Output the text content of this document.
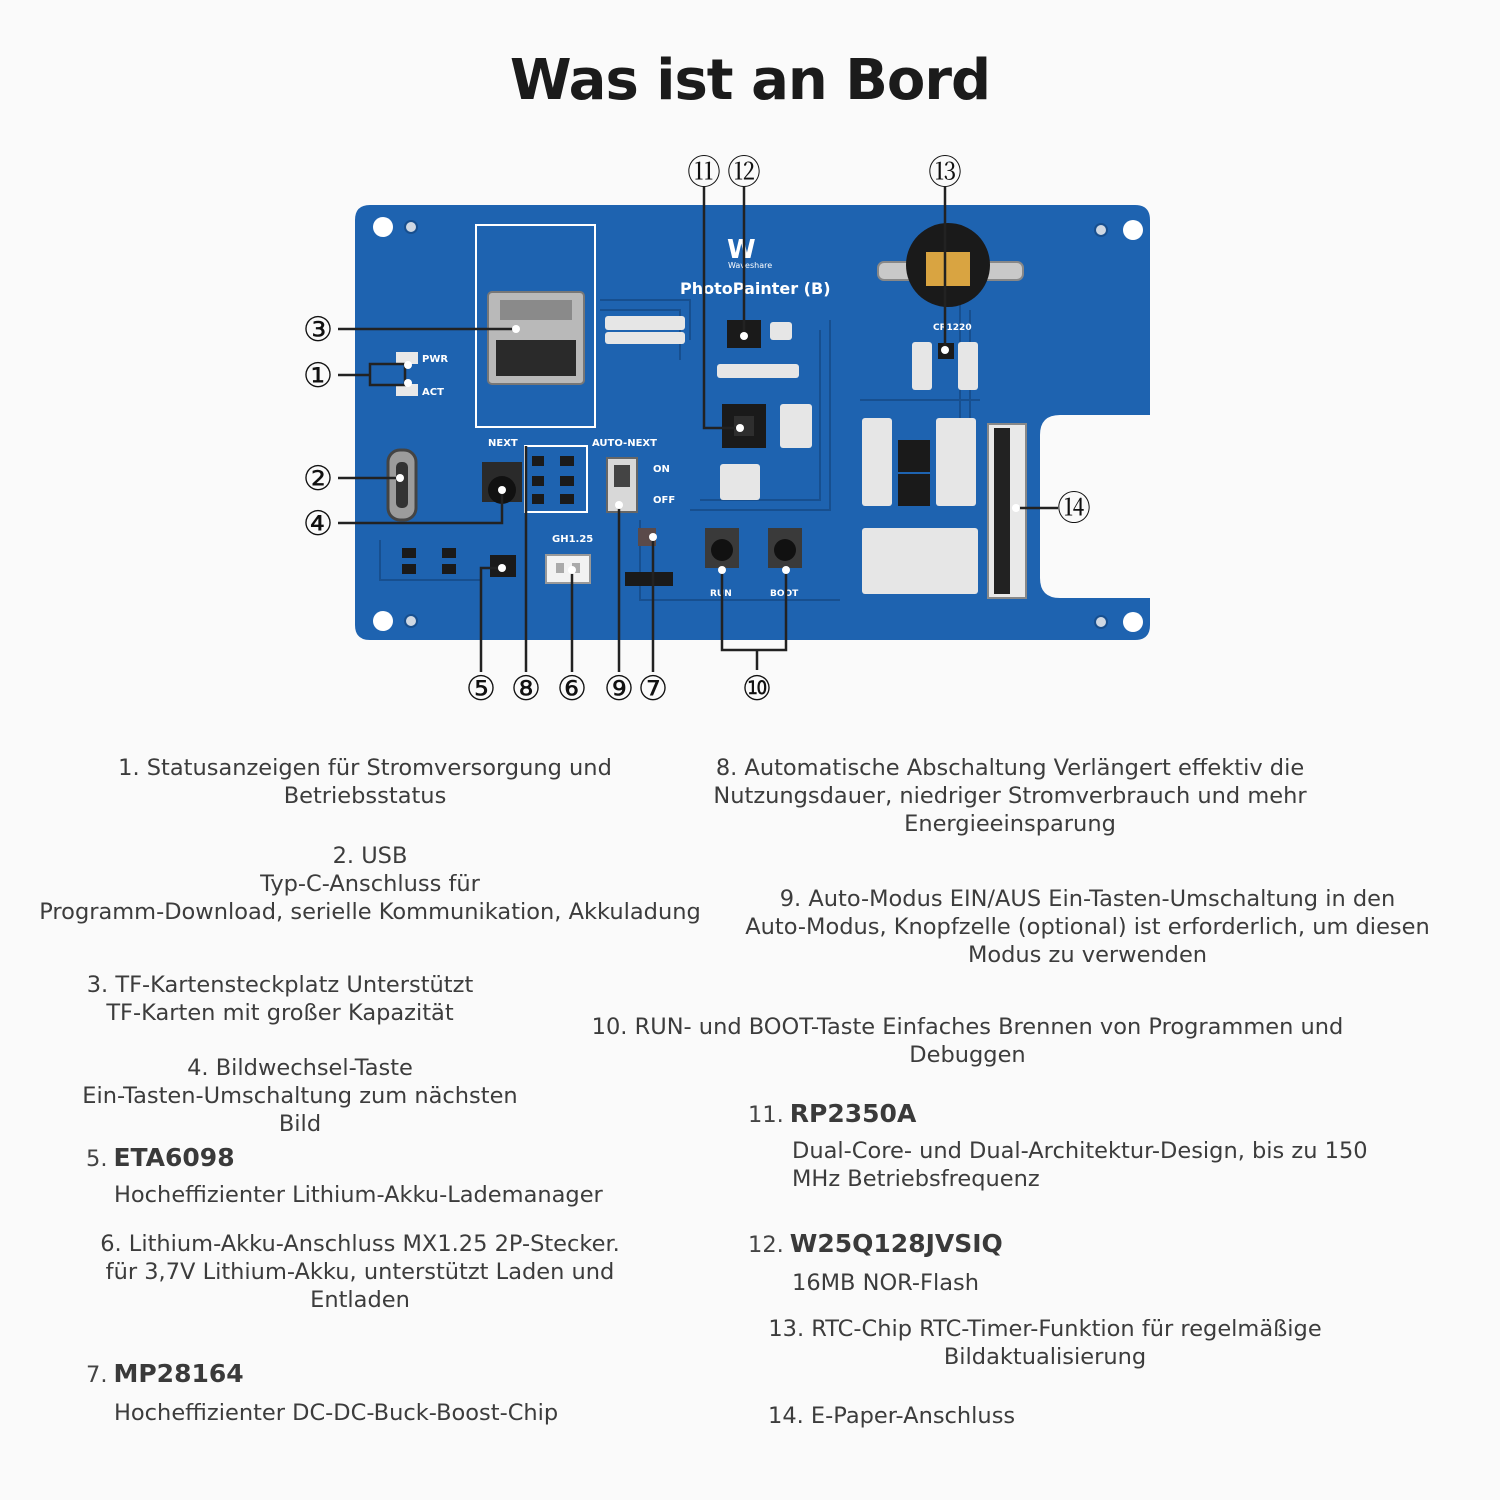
Was ist an Bord
PWR
ACT
NEXT	AUTO-NEXT
ON
OFF
GH1.25
W
Waveshare
PhotoPainter (B)
RUN	BOOT
CR1220
①
②
③
④
⑤ ⑥ ⑦
⑧ ⑨	⑩
⑪ ⑫	⑬
⑭
1. Statusanzeigen für Stromversorgung und Betriebsstatus
2. USB
Typ-C-Anschluss für
Programm-Download, serielle Kommunikation, Akkuladung
3. TF-Kartensteckplatz Unterstützt
TF-Karten mit großer Kapazität
4. Bildwechsel-Taste
Ein-Tasten-Umschaltung zum nächsten
Bild
5. ETA6098
Hocheffizienter Lithium-Akku-Lademanager
6. Lithium-Akku-Anschluss MX1.25 2P-Stecker.
für 3,7V Lithium-Akku, unterstützt Laden und
Entladen
7. MP28164
Hocheffizienter DC-DC-Buck-Boost-Chip
8. Automatische Abschaltung Verlängert effektiv die
Nutzungsdauer, niedriger Stromverbrauch und mehr
Energieeinsparung
9. Auto-Modus EIN/AUS Ein-Tasten-Umschaltung in den
Auto-Modus, Knopfzelle (optional) ist erforderlich, um diesen
Modus zu verwenden
10. RUN- und BOOT-Taste Einfaches Brennen von Programmen und
Debuggen
11. RP2350A
Dual-Core- und Dual-Architektur-Design, bis zu 150
MHz Betriebsfrequenz
12. W25Q128JVSIQ
16MB NOR-Flash
13. RTC-Chip RTC-Timer-Funktion für regelmäßige
Bildaktualisierung
14. E-Paper-Anschluss
